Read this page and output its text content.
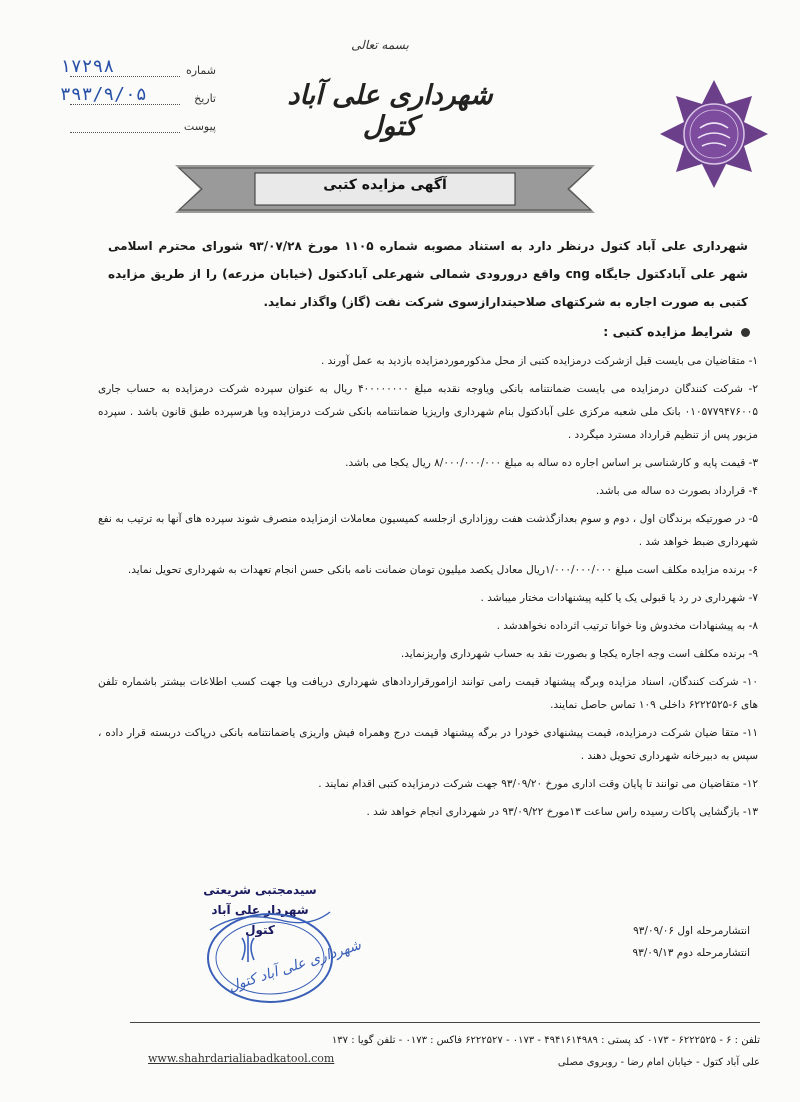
بسمه تعالی
شهرداری علی آباد کتول
شماره
۱۷۲۹۸
تاریخ
۳۹۳/۹/۰۵
پیوست
آگهی مزایده کتبی
شهرداری علی آباد کتول درنظر دارد به استناد مصوبه شماره ۱۱۰۵ مورخ ۹۳/۰۷/۲۸ شورای محترم اسلامی شهر علی آبادکتول جایگاه cng واقع درورودی شمالی شهرعلی آبادکتول (خیابان مزرعه) را از طریق مزایده کتبی به صورت اجاره به شرکتهای صلاحیتدارازسوی شرکت نفت (گاز) واگذار نماید.
شرایط مزایده کتبی :
۱- متقاضیان می بایست قبل ازشرکت درمزایده کتبی از محل مذکورموردمزایده بازدید به عمل آورند .
۲- شرکت کنندگان درمزایده می بایست ضمانتنامه بانکی ویاوجه نقدبه مبلغ ۴۰۰۰۰۰۰۰۰ ریال به عنوان سپرده شرکت درمزایده به حساب جاری ۰۱۰۵۷۷۹۴۷۶۰۰۵ بانک ملی شعبه مرکزی علی آبادکتول بنام شهرداری واریزیا ضمانتنامه بانکی شرکت درمزایده ویا هرسپرده طبق قانون باشد . سپرده مزبور پس از تنظیم قرارداد مسترد میگردد .
۳- قیمت پایه و کارشناسی بر اساس اجاره ده ساله به مبلغ ۸/۰۰۰/۰۰۰/۰۰۰ ریال یکجا می باشد.
۴- قرارداد بصورت ده ساله می باشد.
۵- در صورتیکه برندگان اول ، دوم و سوم بعدازگذشت هفت روزاداری ازجلسه کمیسیون معاملات ازمزایده منصرف شوند سپرده های آنها به ترتیب به نفع شهرداری ضبط خواهد شد .
۶- برنده مزایده مکلف است مبلغ ۱/۰۰۰/۰۰۰/۰۰۰ریال معادل یکصد میلیون تومان ضمانت نامه بانکی حسن انجام تعهدات به شهرداری تحویل نماید.
۷- شهرداری در رد یا قبولی یک یا کلیه پیشنهادات مختار میباشد .
۸- به پیشنهادات مخدوش ونا خوانا ترتیب اثرداده نخواهدشد .
۹- برنده مکلف است وجه اجاره یکجا و بصورت نقد به حساب شهرداری واریزنماید.
۱۰- شرکت کنندگان، اسناد مزایده وبرگه پیشنهاد قیمت رامی توانند ازامورقراردادهای شهرداری دریافت ویا جهت کسب اطلاعات بیشتر باشماره تلفن های ۶-۶۲۲۲۵۲۵ داخلی ۱۰۹ تماس حاصل نمایند.
۱۱- متقا ضیان شرکت درمزایده، قیمت پیشنهادی خودرا در برگه پیشنهاد قیمت درج وهمراه فیش واریزی یاضمانتنامه بانکی درپاکت دربسته قرار داده ، سپس به دبیرخانه شهرداری تحویل دهند .
۱۲- متقاضیان می توانند تا پایان وقت اداری مورخ ۹۳/۰۹/۲۰ جهت شرکت درمزایده کتبی اقدام نمایند .
۱۳- بازگشایی پاکات رسیده راس ساعت ۱۳مورخ ۹۳/۰۹/۲۲ در شهرداری انجام خواهد شد .
سیدمجتبی شریعتی
شهردار علی آباد کتول
شهرداری علی آباد کتول
انتشارمرحله اول ۹۳/۰۹/۰۶
انتشارمرحله دوم ۹۳/۰۹/۱۳
تلفن : ۶ - ۶۲۲۲۵۲۵ - ۰۱۷۳ کد پستی : ۴۹۴۱۶۱۴۹۸۹ - ۰۱۷۳ - ۶۲۲۲۵۲۷ فاکس : ۰۱۷۳ - تلفن گویا : ۱۳۷
علی آباد کتول - خیابان امام رضا - روبروی مصلی
www.shahrdarialiabadkatool.com
